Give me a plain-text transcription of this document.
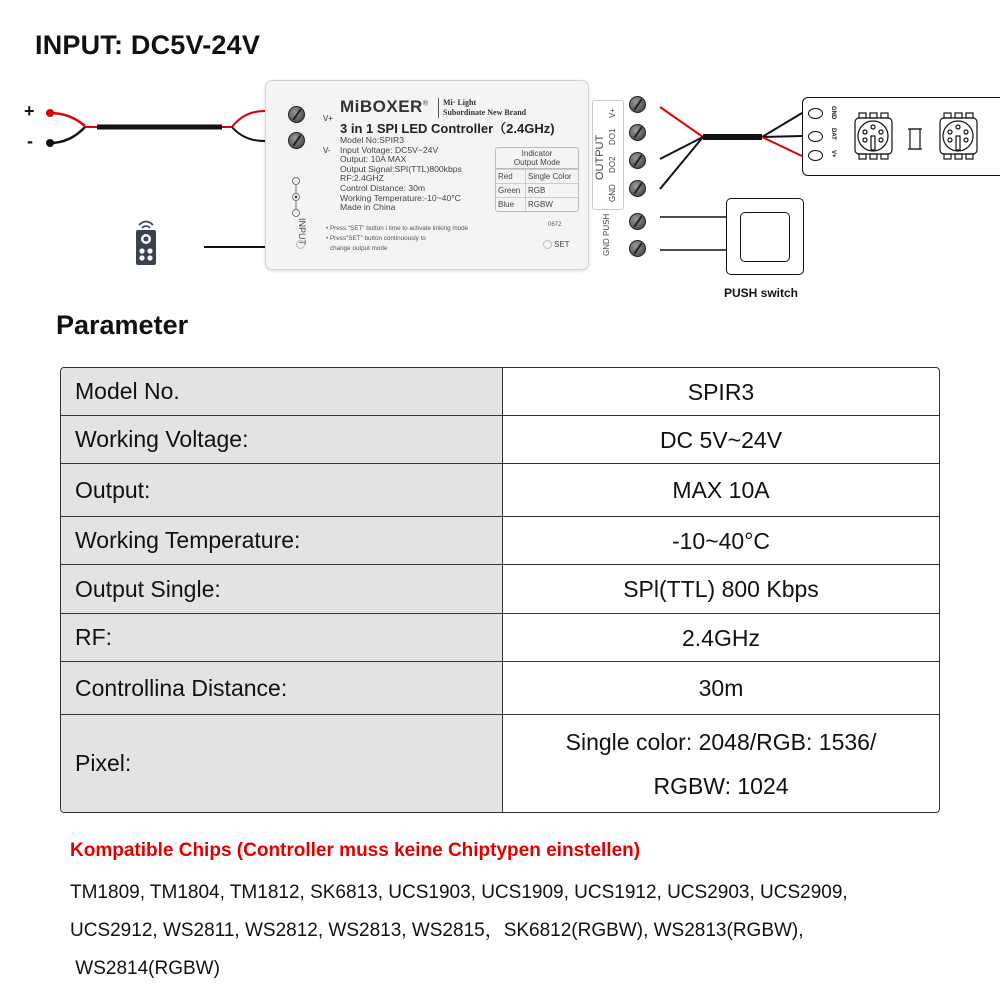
INPUT: DC5V-24V
+
-
V+
V-
INPUT
MiBOXER® Mi· Light
Subordinate New Brand
3 in 1 SPI LED Controller（2.4GHz)
Model No:SPIR3
Input Voltage: DC5V~24V
Output: 10A MAX
Output Signal:SPI(TTL)800kbps
RF:2.4GHZ
Control Distance: 30m
Working Temperature:-10~40°C
Made in China
• Press "SET" button i time to activate linking mode
• Press"SET" button continuously to
change output mode
Indicator
Output Mode
Red	Single Color
Green RGB
Blue	RGBW
0672
SET
OUTPUT
V+
DO1
DO2
GND
GND PUSH
GND
DAT
V+
PUSH switch
Parameter
Model No.	SPIR3
Working Voltage:	DC 5V~24V
Output:	MAX 10A
Working Temperature:	-10~40°C
Output Single:	SPl(TTL) 800 Kbps
RF:	2.4GHz
Controllina Distance:	30m
Pixel:
Single color: 2048/RGB: 1536/
RGBW: 1024
Kompatible Chips (Controller muss keine Chiptypen einstellen)
TM1809, TM1804, TM1812, SK6813, UCS1903, UCS1909, UCS1912, UCS2903, UCS2909,
UCS2912, WS2811, WS2812, WS2813, WS2815，SK6812(RGBW), WS2813(RGBW),
WS2814(RGBW)
